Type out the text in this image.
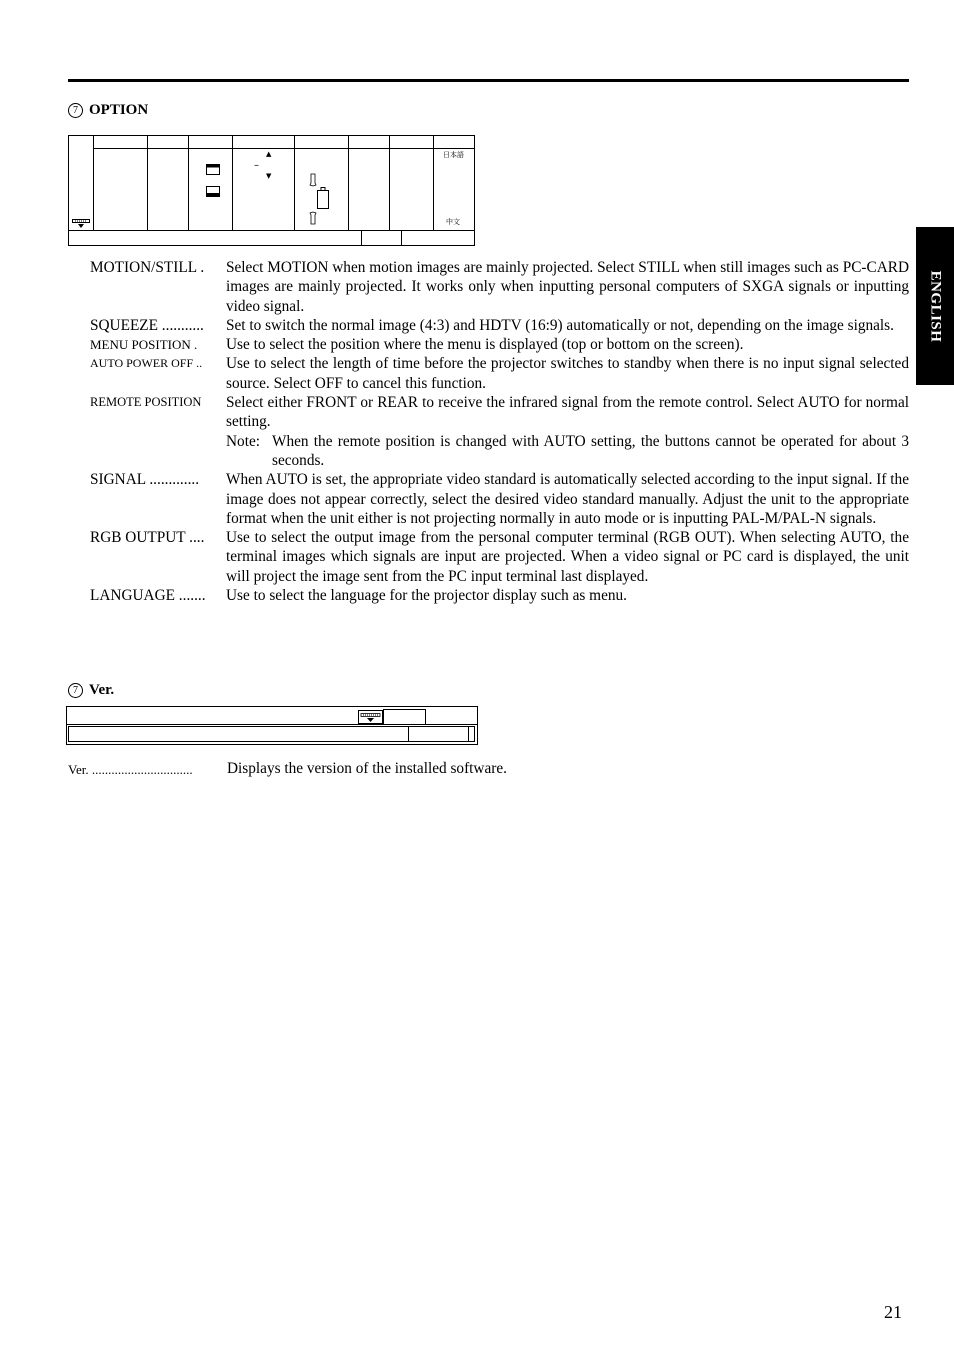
7 OPTION
▲
–
▼
日本語
中文
MOTION/STILL .	Select MOTION when motion images are mainly projected. Select STILL when still images such as PC-CARD images are mainly projected. It works only when inputting personal computers of SXGA signals or inputting video signal.
SQUEEZE ...........	Set to switch the normal image (4:3) and HDTV (16:9) automatically or not, depending on the image signals.
MENU POSITION .	Use to select the position where the menu is displayed (top or bottom on the screen).
AUTO POWER OFF ..	Use to select the length of time before the projector switches to standby when there is no input signal selected source. Select OFF to cancel this function.
REMOTE POSITION	Select either FRONT or REAR to receive the infrared signal from the remote control. Select AUTO for normal setting.
Note: When the remote position is changed with AUTO setting, the buttons cannot be operated for about 3 seconds.
SIGNAL .............	When AUTO is set, the appropriate video standard is automatically selected according to the input signal. If the image does not appear correctly, select the desired video standard manually. Adjust the unit to the appropriate format when the unit either is not projecting normally in auto mode or is inputting PAL-M/PAL-N signals.
RGB OUTPUT ....	Use to select the output image from the personal computer terminal (RGB OUT). When selecting AUTO, the terminal images which signals are input are projected. When a video signal or PC card is displayed, the unit will project the image sent from the PC input terminal last displayed.
LANGUAGE .......	Use to select the language for the projector display such as menu.
7 Ver.
Ver. ...............................	Displays the version of the installed software.
ENGLISH
21
